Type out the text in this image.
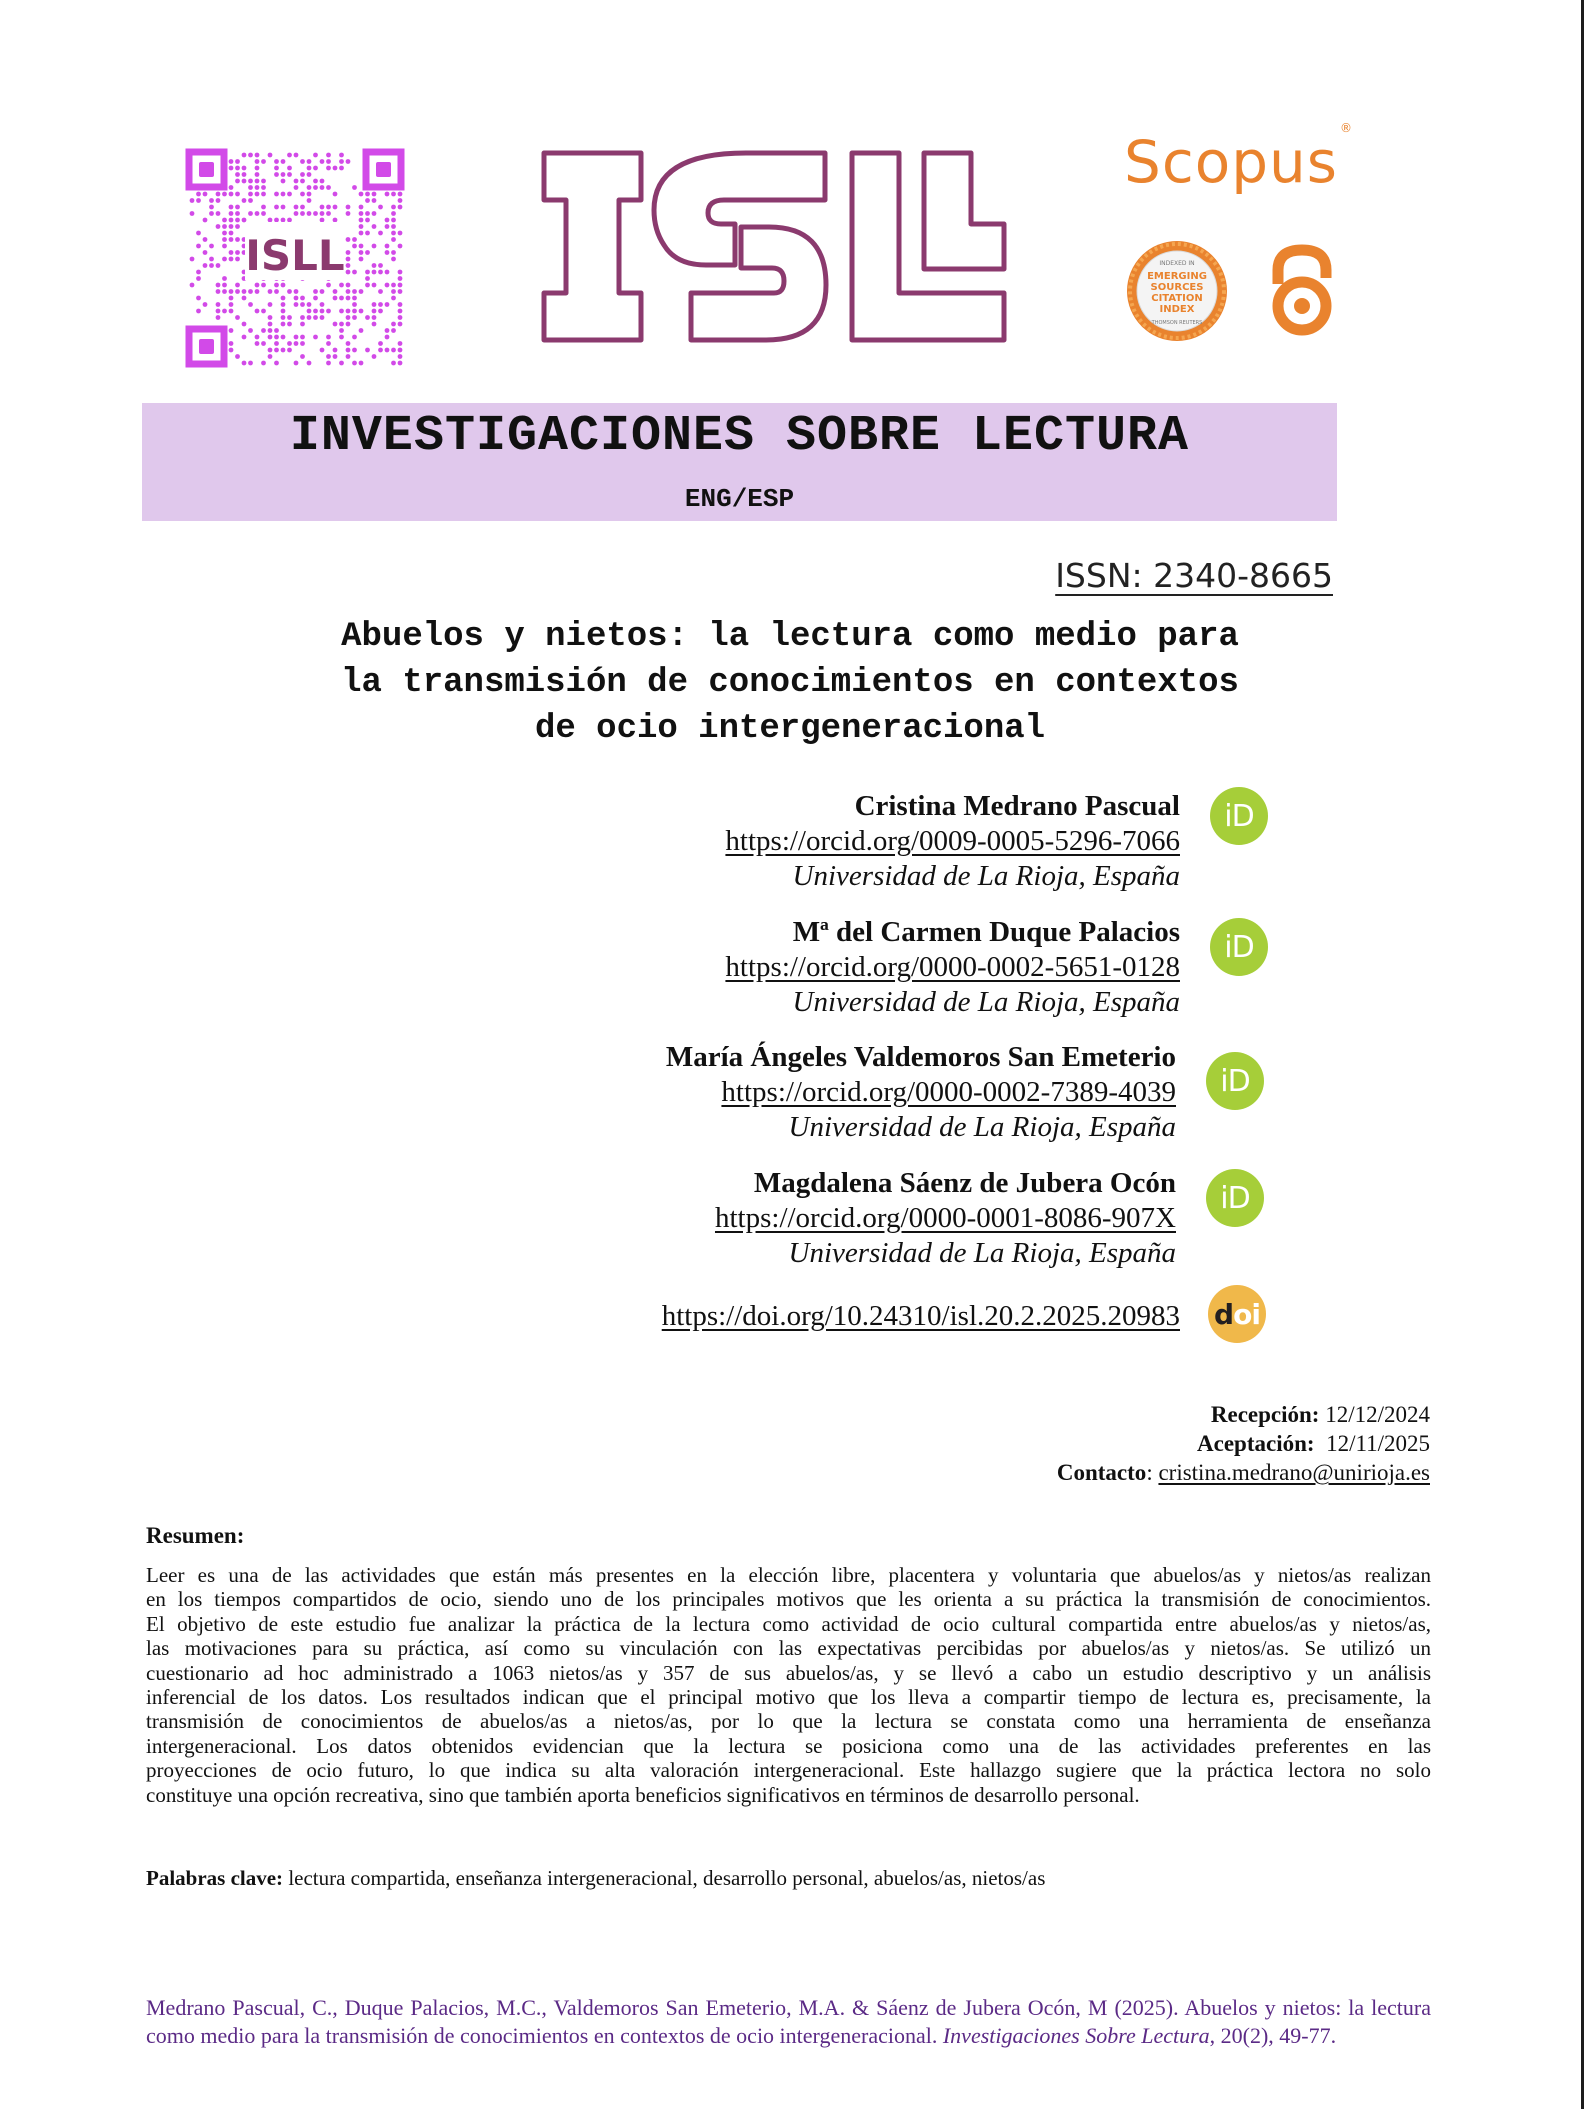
ISLL
Scopus®
INDEXED IN
EMERGING
SOURCES
CITATION
INDEX
THOMSON REUTERS
INVESTIGACIONES SOBRE LECTURA
ENG/ESP
ISSN: 2340-8665
Abuelos y nietos: la lectura como medio para
la transmisión de conocimientos en contextos
de ocio intergeneracional
Cristina Medrano Pascual
https://orcid.org/0009-0005-5296-7066
Universidad de La Rioja, España
iD
Mª del Carmen Duque Palacios
https://orcid.org/0000-0002-5651-0128
Universidad de La Rioja, España
iD
María Ángeles Valdemoros San Emeterio
https://orcid.org/0000-0002-7389-4039
Universidad de La Rioja, España
iD
Magdalena Sáenz de Jubera Ocón
https://orcid.org/0000-0001-8086-907X
Universidad de La Rioja, España
iD
https://doi.org/10.24310/isl.20.2.2025.20983 d oi
Recepción: 12/12/2024
Aceptación: 12/11/2025
Contacto: cristina.medrano@unirioja.es
Resumen:
Leer es una de las actividades que están más presentes en la elección libre, placentera y voluntaria que abuelos/as y nietos/as realizan
en los tiempos compartidos de ocio, siendo uno de los principales motivos que les orienta a su práctica la transmisión de conocimientos.
El objetivo de este estudio fue analizar la práctica de la lectura como actividad de ocio cultural compartida entre abuelos/as y nietos/as,
las motivaciones para su práctica, así como su vinculación con las expectativas percibidas por abuelos/as y nietos/as. Se utilizó un
cuestionario ad hoc administrado a 1063 nietos/as y 357 de sus abuelos/as, y se llevó a cabo un estudio descriptivo y un análisis
inferencial de los datos. Los resultados indican que el principal motivo que los lleva a compartir tiempo de lectura es, precisamente, la
transmisión de conocimientos de abuelos/as a nietos/as, por lo que la lectura se constata como una herramienta de enseñanza
intergeneracional. Los datos obtenidos evidencian que la lectura se posiciona como una de las actividades preferentes en las
proyecciones de ocio futuro, lo que indica su alta valoración intergeneracional. Este hallazgo sugiere que la práctica lectora no solo
constituye una opción recreativa, sino que también aporta beneficios significativos en términos de desarrollo personal.
Palabras clave: lectura compartida, enseñanza intergeneracional, desarrollo personal, abuelos/as, nietos/as
Medrano Pascual, C., Duque Palacios, M.C., Valdemoros San Emeterio, M.A. & Sáenz de Jubera Ocón, M (2025). Abuelos y nietos: la lectura como medio para la transmisión de conocimientos en contextos de ocio intergeneracional. Investigaciones Sobre Lectura, 20(2), 49-77.
